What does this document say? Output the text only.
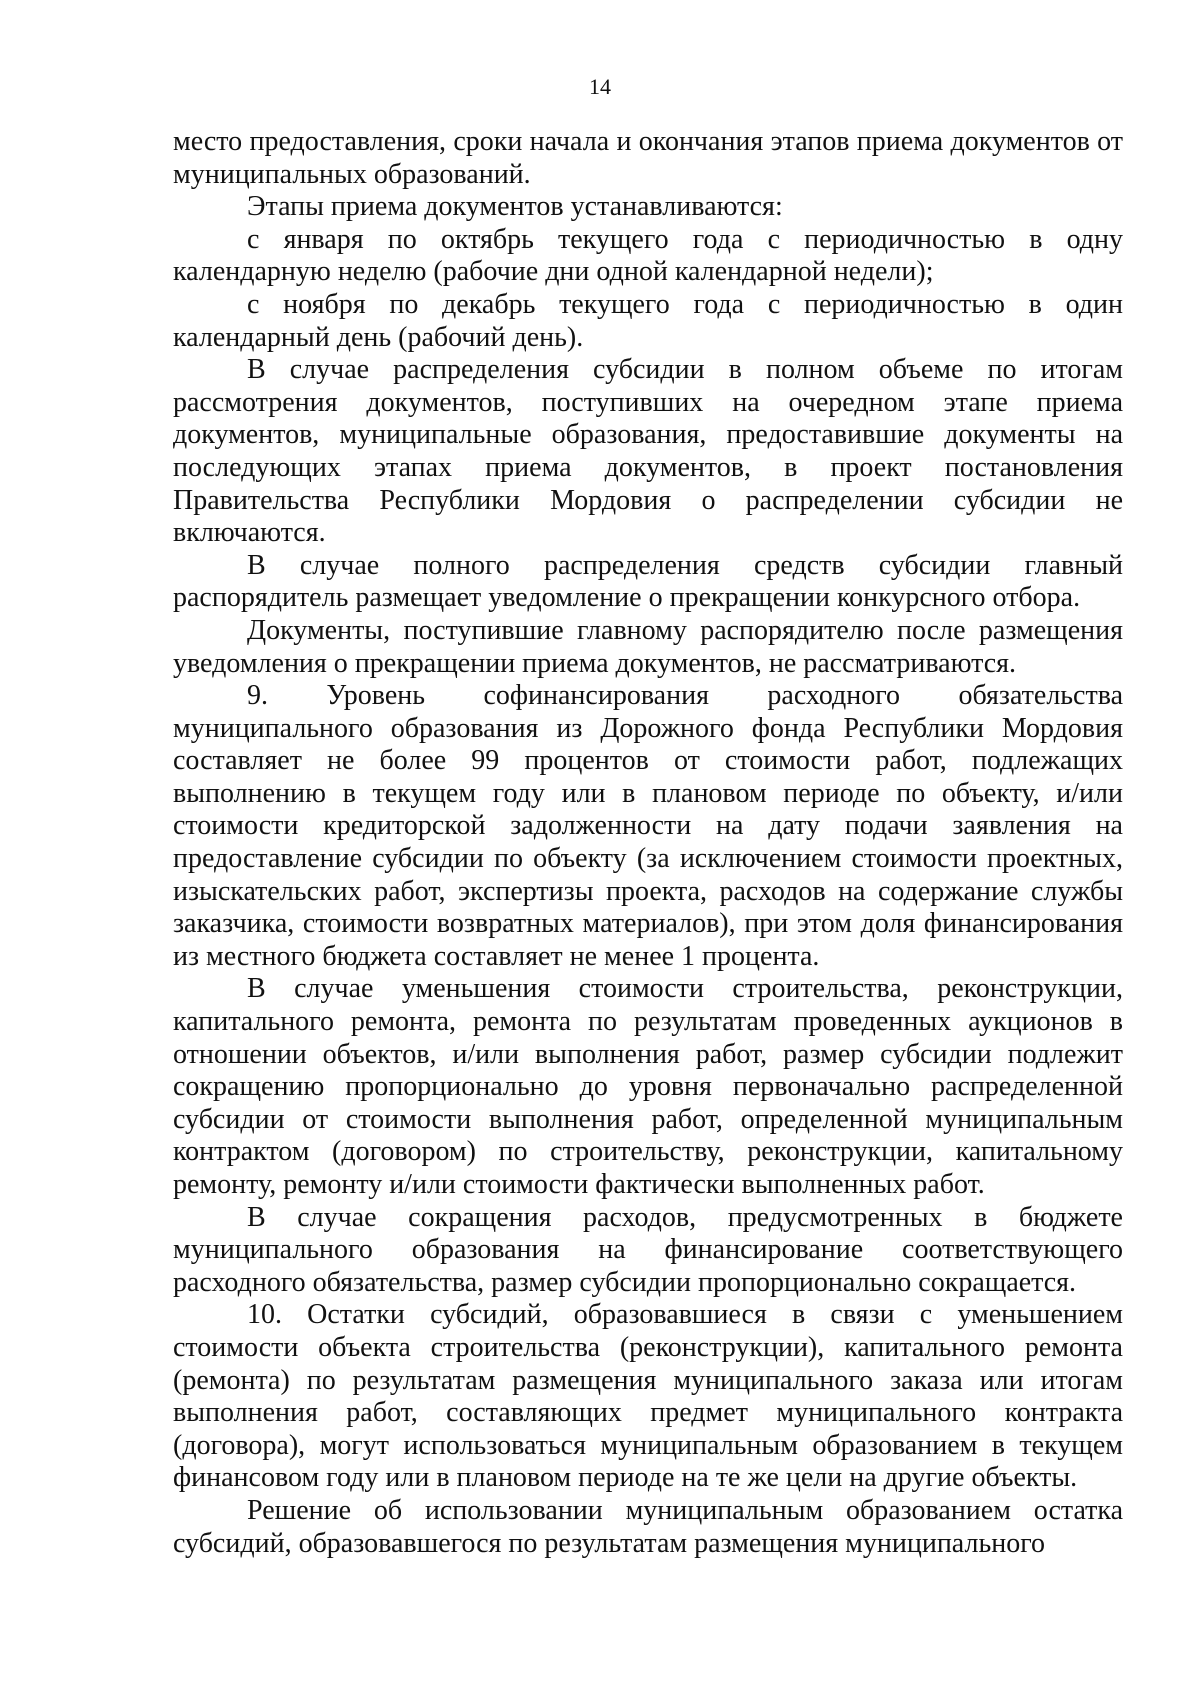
14

место предоставления, сроки начала и окончания этапов приема документов от муниципальных образований.

Этапы приема документов устанавливаются:

с января по октябрь текущего года с периодичностью в одну календарную неделю (рабочие дни одной календарной недели);

с ноября по декабрь текущего года с периодичностью в один календарный день (рабочий день).

В случае распределения субсидии в полном объеме по итогам рассмотрения документов, поступивших на очередном этапе приема документов, муниципальные образования, предоставившие документы на последующих этапах приема документов, в проект постановления Правительства Республики Мордовия о распределении субсидии не включаются.

В случае полного распределения средств субсидии главный распорядитель размещает уведомление о прекращении конкурсного отбора.

Документы, поступившие главному распорядителю после размещения уведомления о прекращении приема документов, не рассматриваются.

9. Уровень софинансирования расходного обязательства муниципального образования из Дорожного фонда Республики Мордовия составляет не более 99 процентов от стоимости работ, подлежащих выполнению в текущем году или в плановом периоде по объекту, и/или стоимости кредиторской задолженности на дату подачи заявления на предоставление субсидии по объекту (за исключением стоимости проектных, изыскательских работ, экспертизы проекта, расходов на содержание службы заказчика, стоимости возвратных материалов), при этом доля финансирования из местного бюджета составляет не менее 1 процента.

В случае уменьшения стоимости строительства, реконструкции, капитального ремонта, ремонта по результатам проведенных аукционов в отношении объектов, и/или выполнения работ, размер субсидии подлежит сокращению пропорционально до уровня первоначально распределенной субсидии от стоимости выполнения работ, определенной муниципальным контрактом (договором) по строительству, реконструкции, капитальному ремонту, ремонту и/или стоимости фактически выполненных работ.

В случае сокращения расходов, предусмотренных в бюджете муниципального образования на финансирование соответствующего расходного обязательства, размер субсидии пропорционально сокращается.

10. Остатки субсидий, образовавшиеся в связи с уменьшением стоимости объекта строительства (реконструкции), капитального ремонта (ремонта) по результатам размещения муниципального заказа или итогам выполнения работ, составляющих предмет муниципального контракта (договора), могут использоваться муниципальным образованием в текущем финансовом году или в плановом периоде на те же цели на другие объекты.

Решение об использовании муниципальным образованием остатка субсидий, образовавшегося по результатам размещения муниципального
